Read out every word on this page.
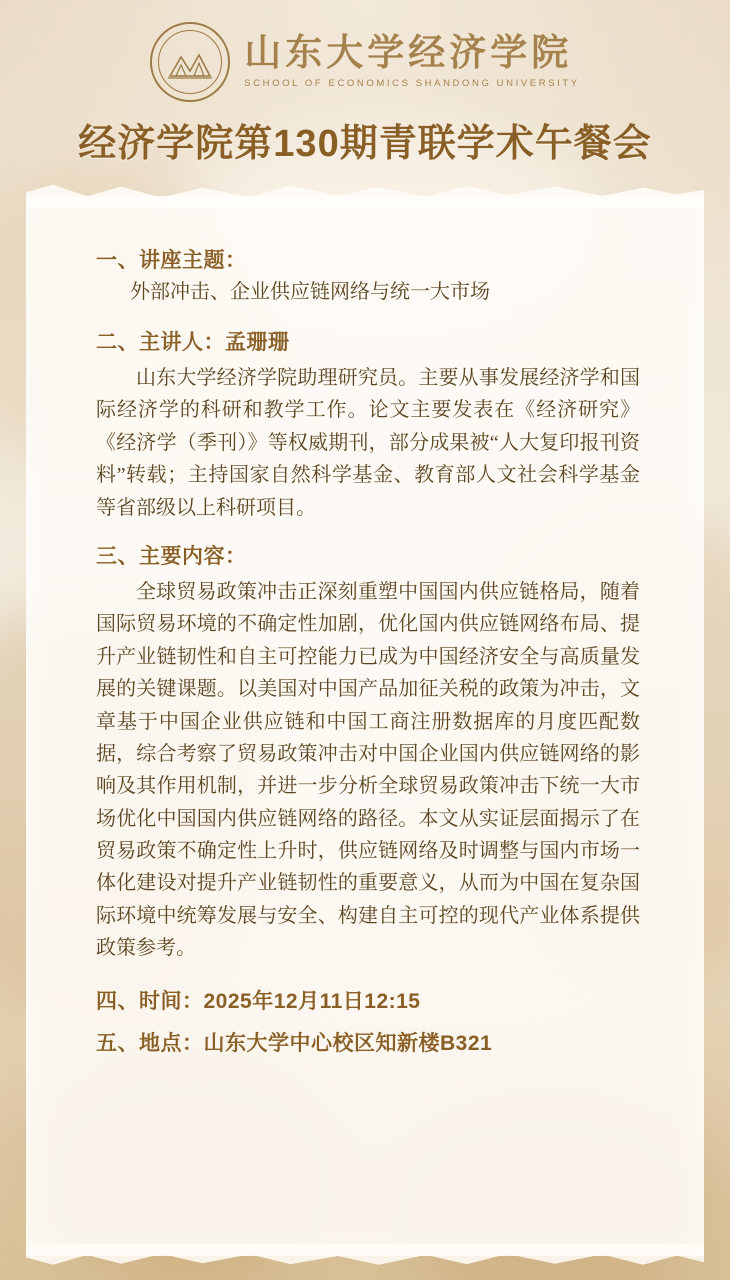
山东大学经济学院
SCHOOL OF ECONOMICS SHANDONG UNIVERSITY
经济学院第130期青联学术午餐会
一、讲座主题：
外部冲击、企业供应链网络与统一大市场
二、主讲人：孟珊珊
山东大学经济学院助理研究员。主要从事发展经济学和国际经济学的科研和教学工作。论文主要发表在《经济研究》《经济学（季刊）》等权威期刊，部分成果被“人大复印报刊资料”转载；主持国家自然科学基金、教育部人文社会科学基金等省部级以上科研项目。
三、主要内容：
全球贸易政策冲击正深刻重塑中国国内供应链格局，随着国际贸易环境的不确定性加剧，优化国内供应链网络布局、提升产业链韧性和自主可控能力已成为中国经济安全与高质量发展的关键课题。以美国对中国产品加征关税的政策为冲击，文章基于中国企业供应链和中国工商注册数据库的月度匹配数据，综合考察了贸易政策冲击对中国企业国内供应链网络的影响及其作用机制，并进一步分析全球贸易政策冲击下统一大市场优化中国国内供应链网络的路径。本文从实证层面揭示了在贸易政策不确定性上升时，供应链网络及时调整与国内市场一体化建设对提升产业链韧性的重要意义，从而为中国在复杂国际环境中统筹发展与安全、构建自主可控的现代产业体系提供政策参考。
四、时间：2025年12月11日12:15
五、地点：山东大学中心校区知新楼B321
